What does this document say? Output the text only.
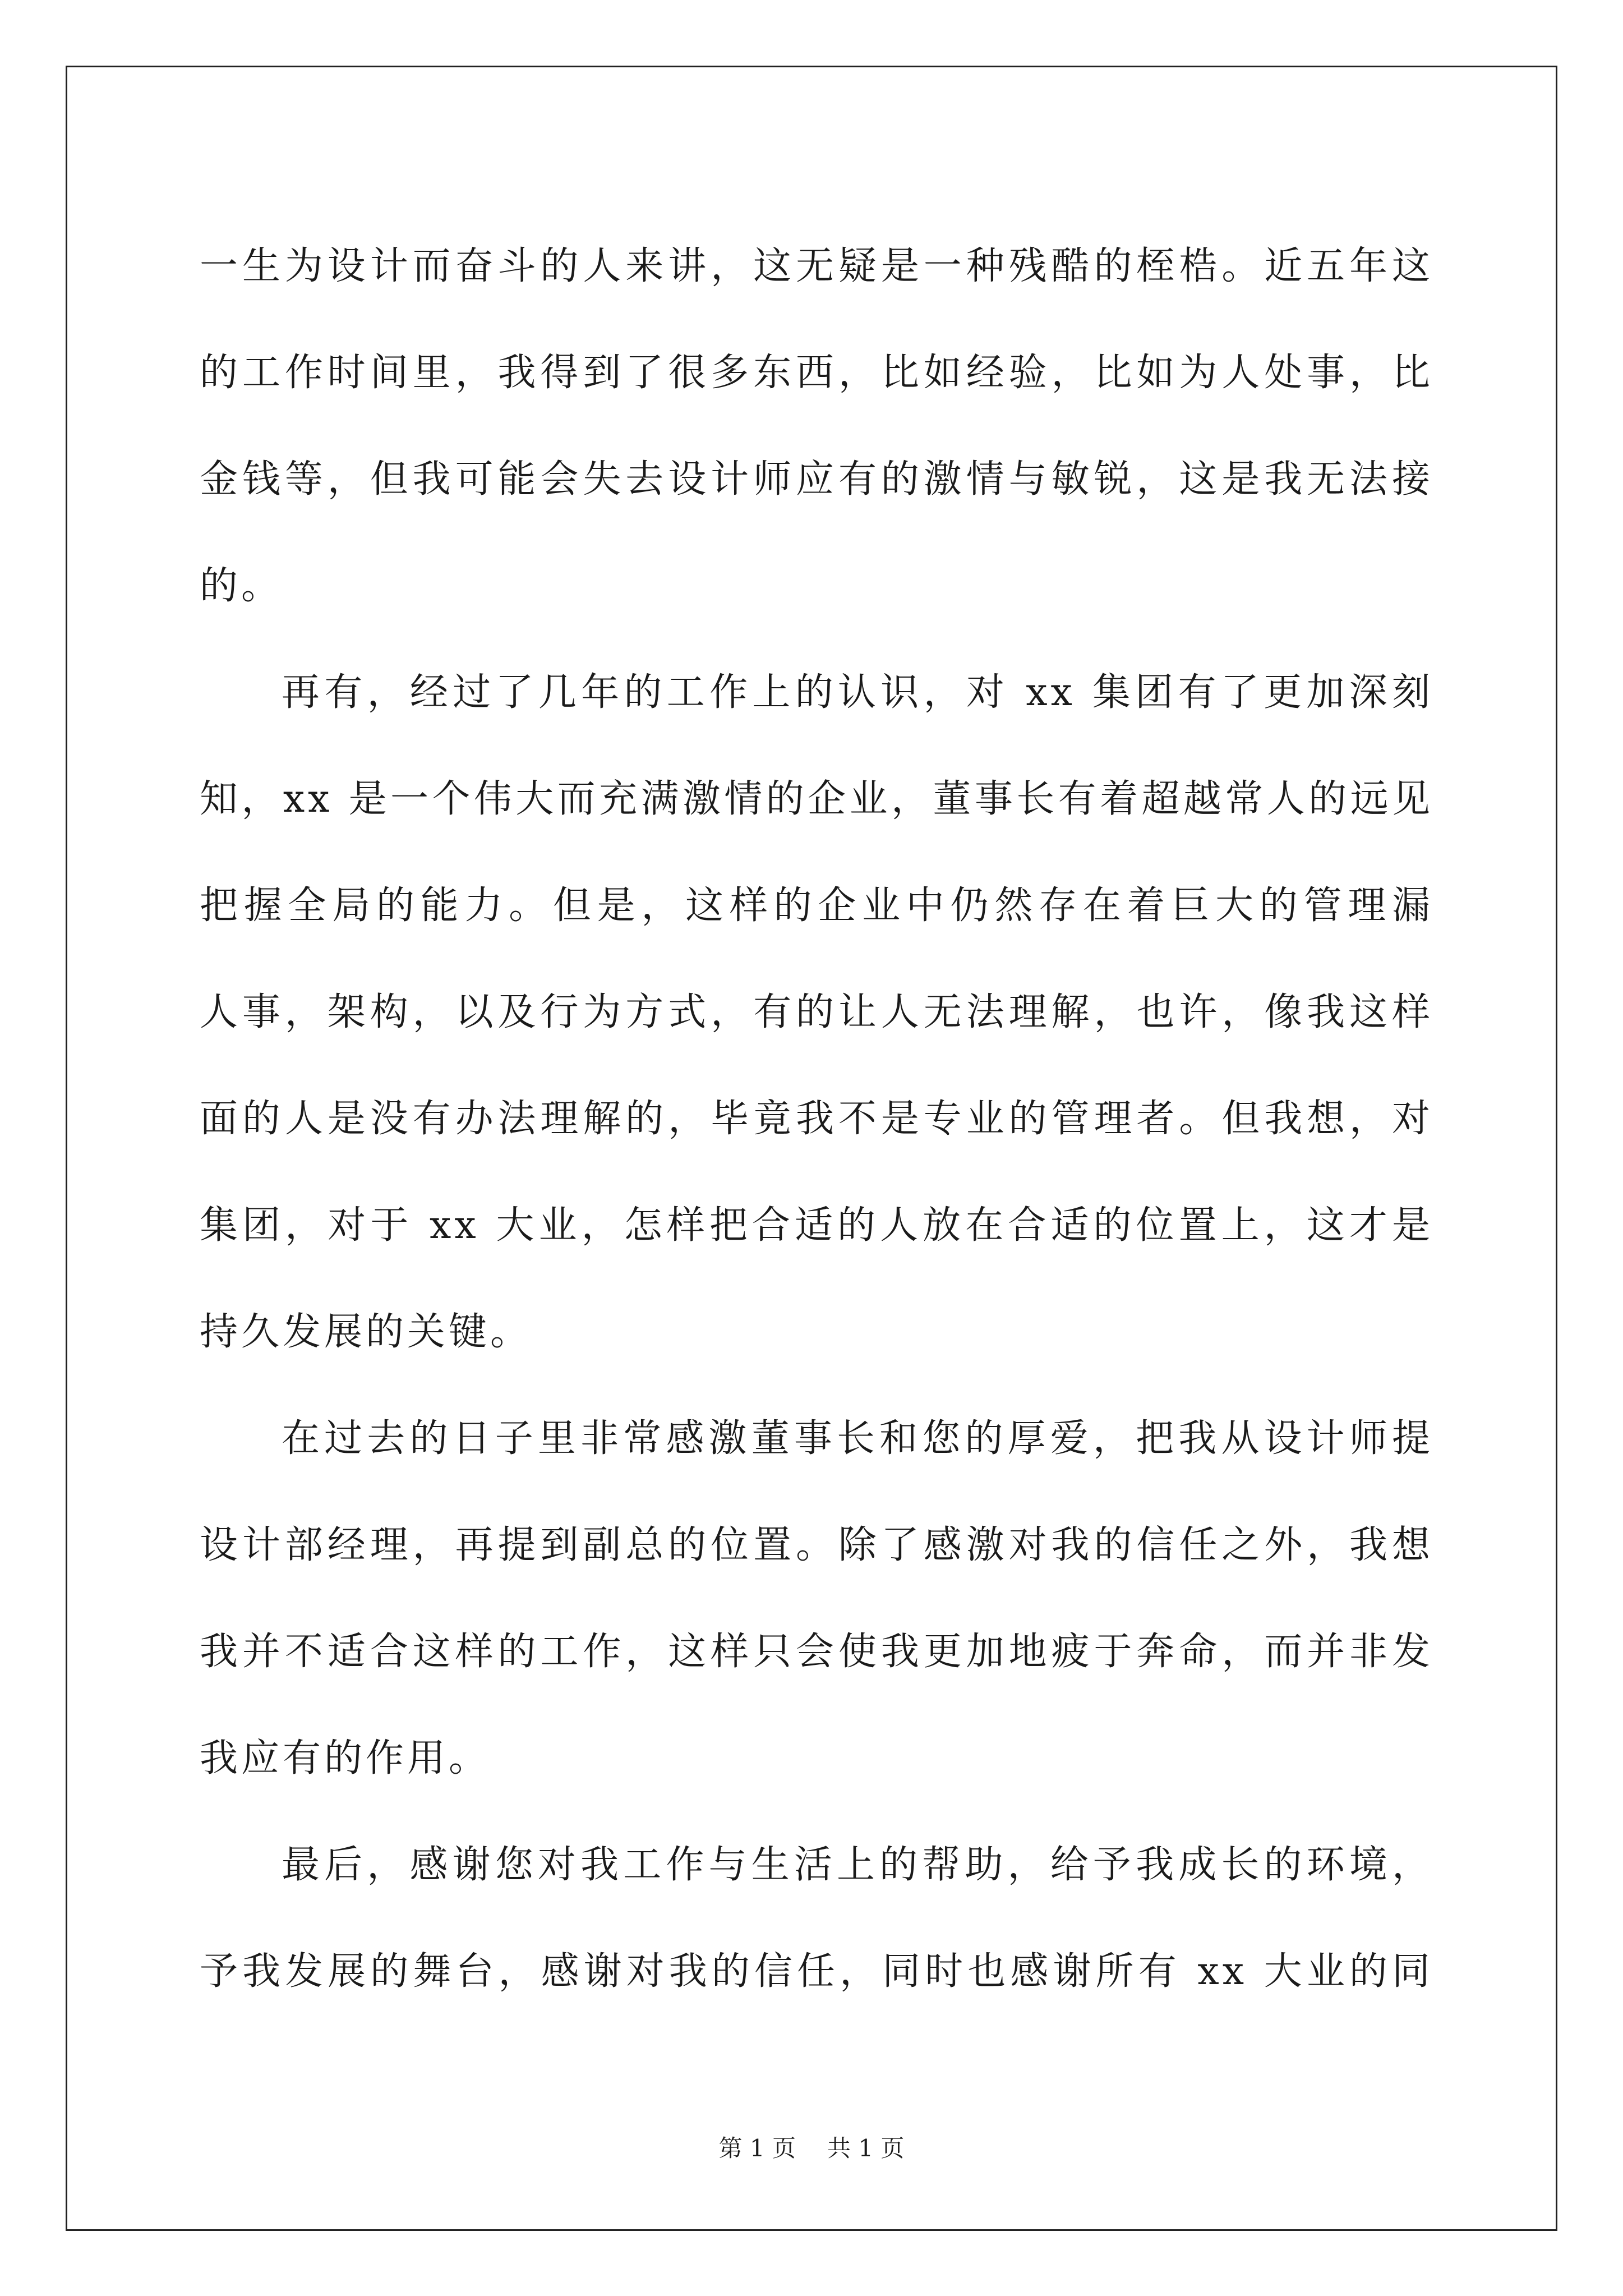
一生为设计而奋斗的人来讲，这无疑是一种残酷的桎梏。近五年这
的工作时间里，我得到了很多东西，比如经验，比如为人处事，比
金钱等，但我可能会失去设计师应有的激情与敏锐，这是我无法接
的。
再有，经过了几年的工作上的认识，对 xx 集团有了更加深刻
知，xx 是一个伟大而充满激情的企业，董事长有着超越常人的远见
把握全局的能力。但是，这样的企业中仍然存在着巨大的管理漏
人事，架构，以及行为方式，有的让人无法理解，也许，像我这样
面的人是没有办法理解的，毕竟我不是专业的管理者。但我想，对
集团，对于 xx 大业，怎样把合适的人放在合适的位置上，这才是
持久发展的关键。
在过去的日子里非常感激董事长和您的厚爱，把我从设计师提
设计部经理，再提到副总的位置。除了感激对我的信任之外，我想
我并不适合这样的工作，这样只会使我更加地疲于奔命，而并非发
我应有的作用。
最后，感谢您对我工作与生活上的帮助，给予我成长的环境，
予我发展的舞台，感谢对我的信任，同时也感谢所有 xx 大业的同
第 1 页 共 1 页
